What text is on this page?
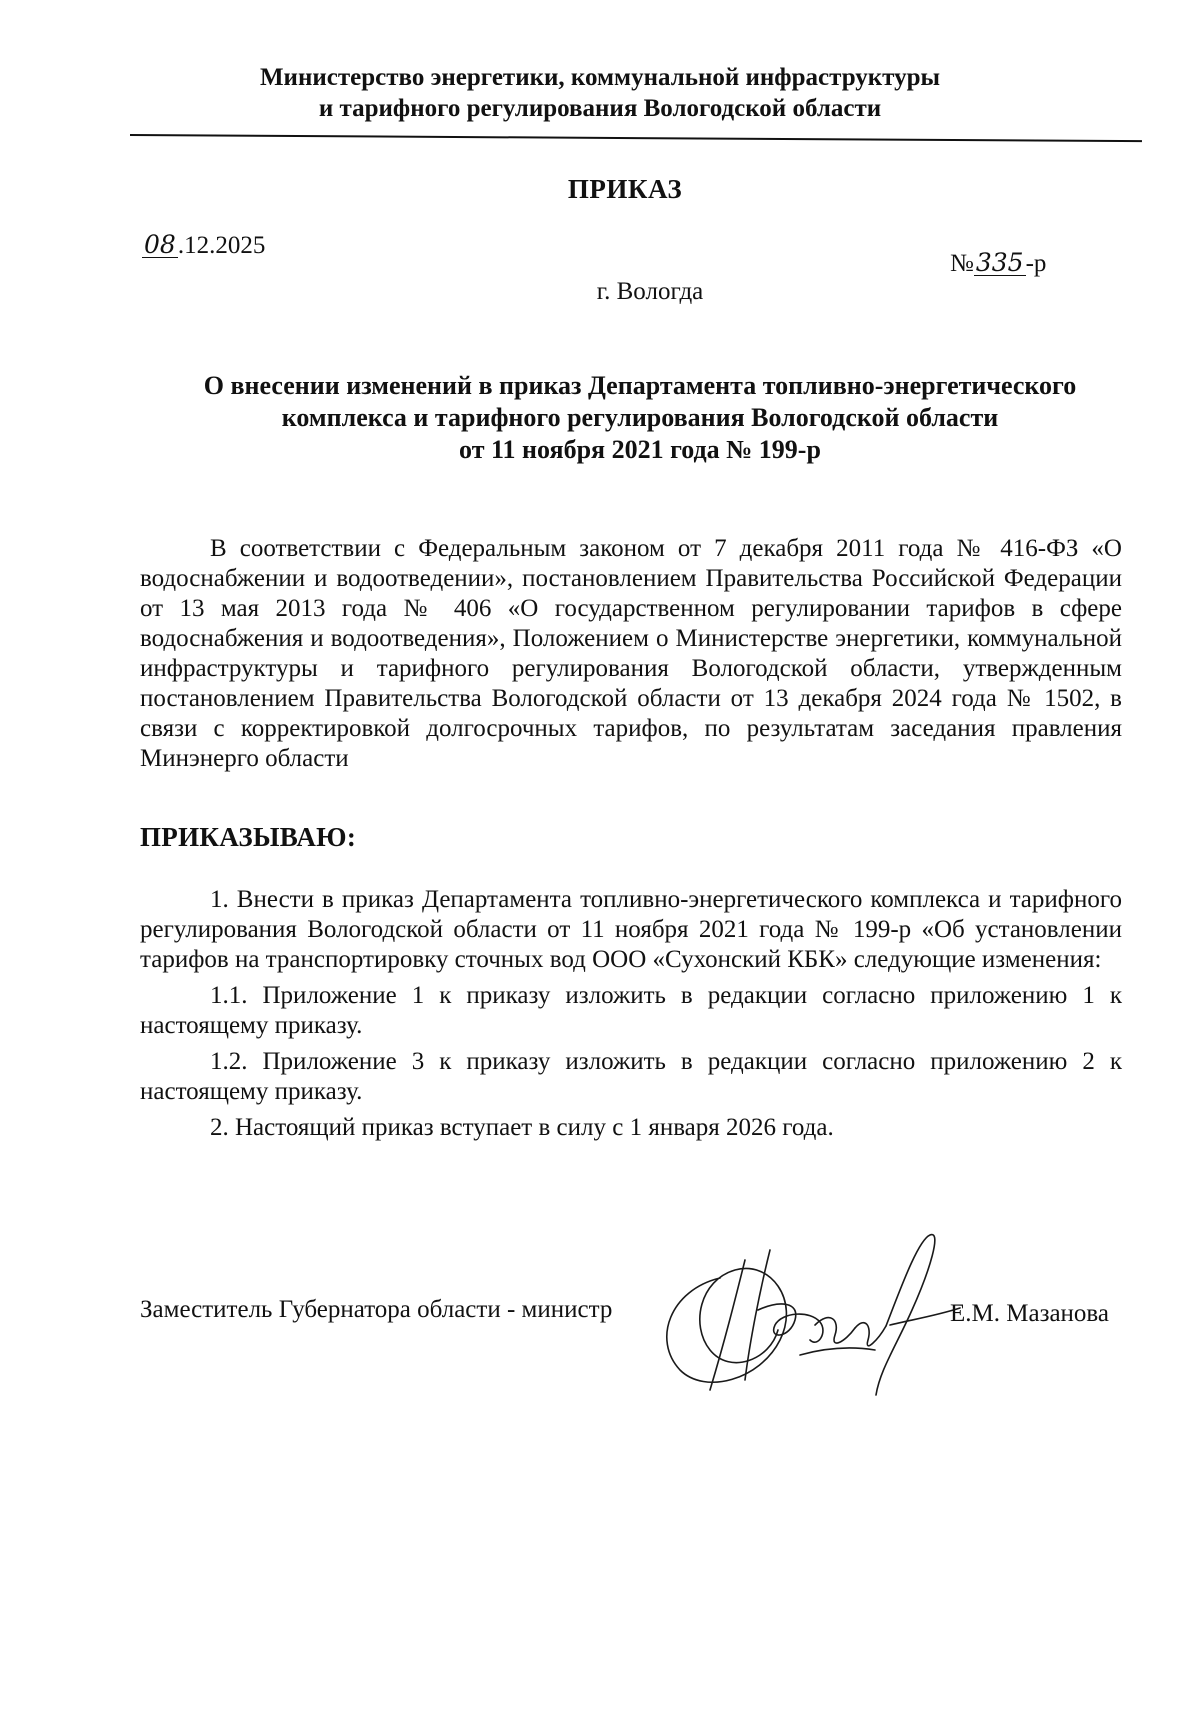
Министерство энергетики, коммунальной инфраструктуры
и тарифного регулирования Вологодской области
ПРИКАЗ
08.12.2025
№335-р
г. Вологда
О внесении изменений в приказ Департамента топливно-энергетического
комплекса и тарифного регулирования Вологодской области
от 11 ноября 2021 года № 199-р
В соответствии с Федеральным законом от 7 декабря 2011 года № 416-ФЗ «О водоснабжении и водоотведении», постановлением Правительства Российской Федерации от 13 мая 2013 года № 406 «О государственном регулировании тарифов в сфере водоснабжения и водоотведения», Положением о Министерстве энергетики, коммунальной инфраструктуры и тарифного регулирования Вологодской области, утвержденным постановлением Правительства Вологодской области от 13 декабря 2024 года № 1502, в связи с корректировкой долгосрочных тарифов, по результатам заседания правления Минэнерго области
ПРИКАЗЫВАЮ:

1. Внести в приказ Департамента топливно-энергетического комплекса и тарифного регулирования Вологодской области от 11 ноября 2021 года № 199-р «Об установлении тарифов на транспортировку сточных вод ООО «Сухонский КБК» следующие изменения:

1.1. Приложение 1 к приказу изложить в редакции согласно приложению 1 к настоящему приказу.

1.2. Приложение 3 к приказу изложить в редакции согласно приложению 2 к настоящему приказу.

2. Настоящий приказ вступает в силу с 1 января 2026 года.

Заместитель Губернатора области - министр	Е.М. Мазанова
